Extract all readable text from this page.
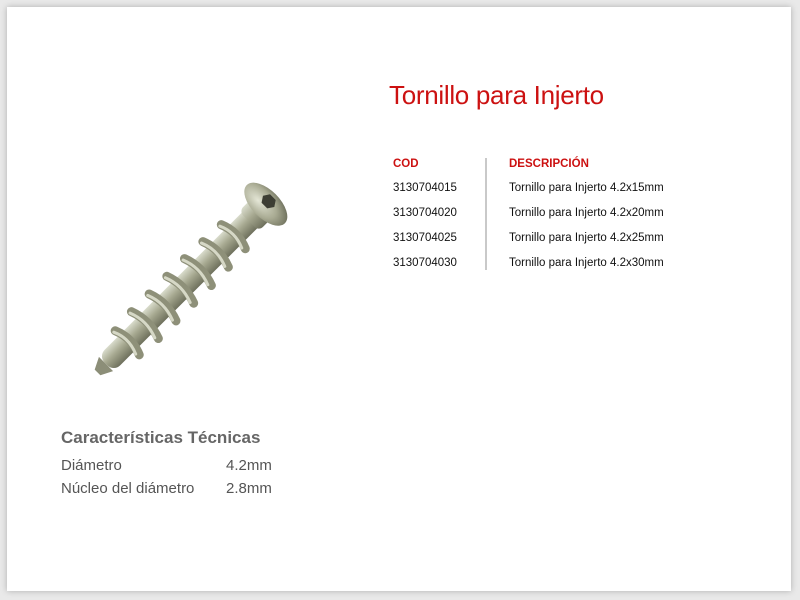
Tornillo para Injerto
COD	DESCRIPCIÓN
3130704015	Tornillo para Injerto 4.2x15mm
3130704020	Tornillo para Injerto 4.2x20mm
3130704025	Tornillo para Injerto 4.2x25mm
3130704030	Tornillo para Injerto 4.2x30mm
Características Técnicas
Diámetro	4.2mm
Núcleo del diámetro	2.8mm
